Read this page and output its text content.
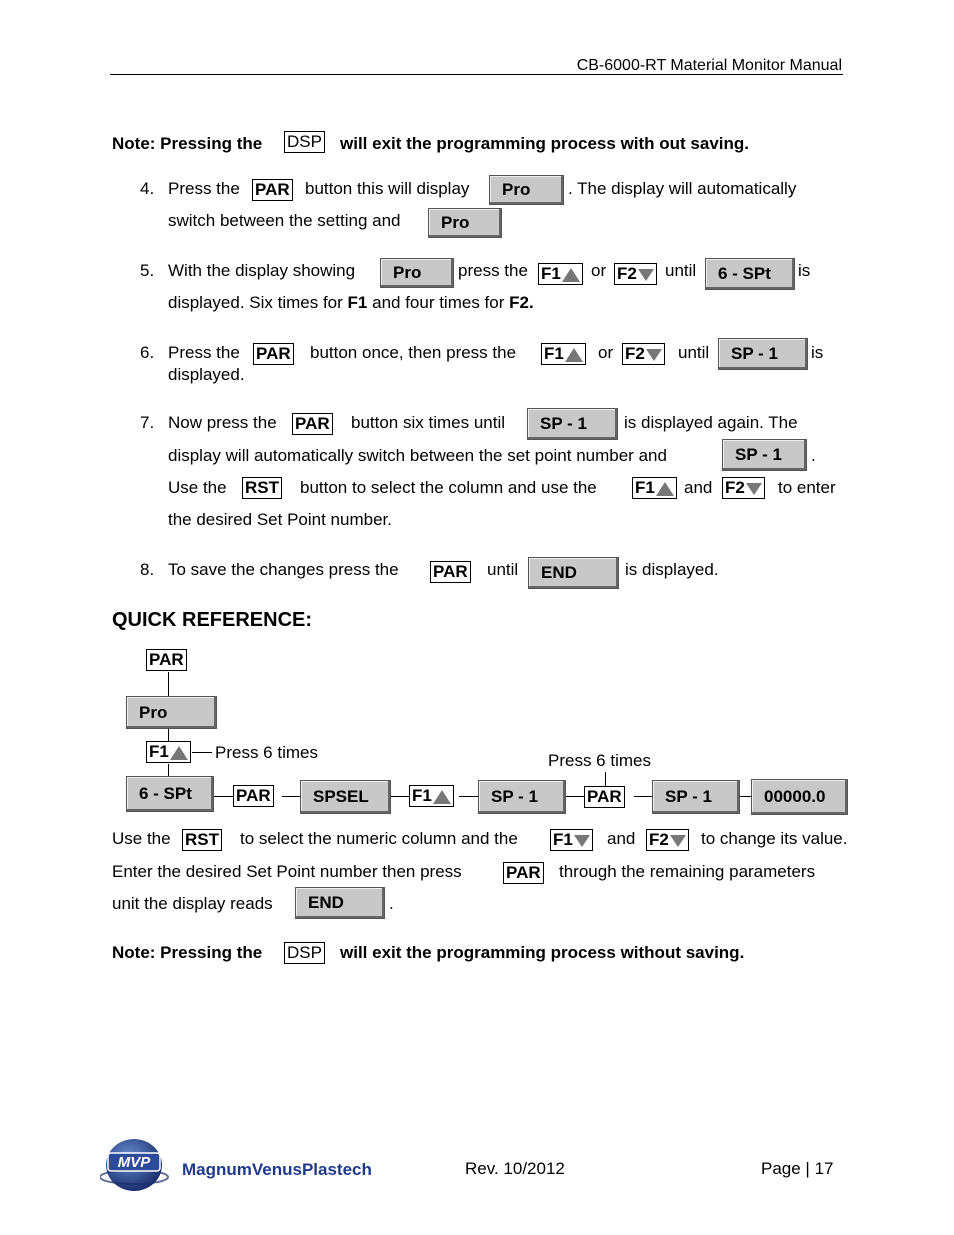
CB-6000-RT Material Monitor Manual
Note: Pressing the DSP will exit the programming process with out saving.
4. Press the PAR button this will display	Pro	. The display will automatically
switch between the setting and	Pro
5. With the display showing	Pro	press the F1	or F2	until	6 - SPt	is
displayed. Six times for F1 and four times for F2.
6. Press the PAR button once, then press the F1	or F2	until	SP - 1	is
displayed.
7. Now press the PAR button six times until	SP - 1	is displayed again. The
display will automatically switch between the set point number and	SP - 1	.
Use the RST button to select the column and use the F1	and F2	to enter
the desired Set Point number.
8. To save the changes press the PAR until	END	is displayed.
QUICK REFERENCE:
PAR
Pro
F1	Press 6 times	Press 6 times
6 - SPt	PAR	SPSEL	F1	SP - 1	PAR	SP - 1	00000.0
Use the RST to select the numeric column and the F1	and F2	to change its value.
Enter the desired Set Point number then press	PAR through the remaining parameters
unit the display reads	END	.
Note: Pressing the DSP will exit the programming process without saving.
MVP MagnumVenusPlastech	Rev. 10/2012	Page | 17
